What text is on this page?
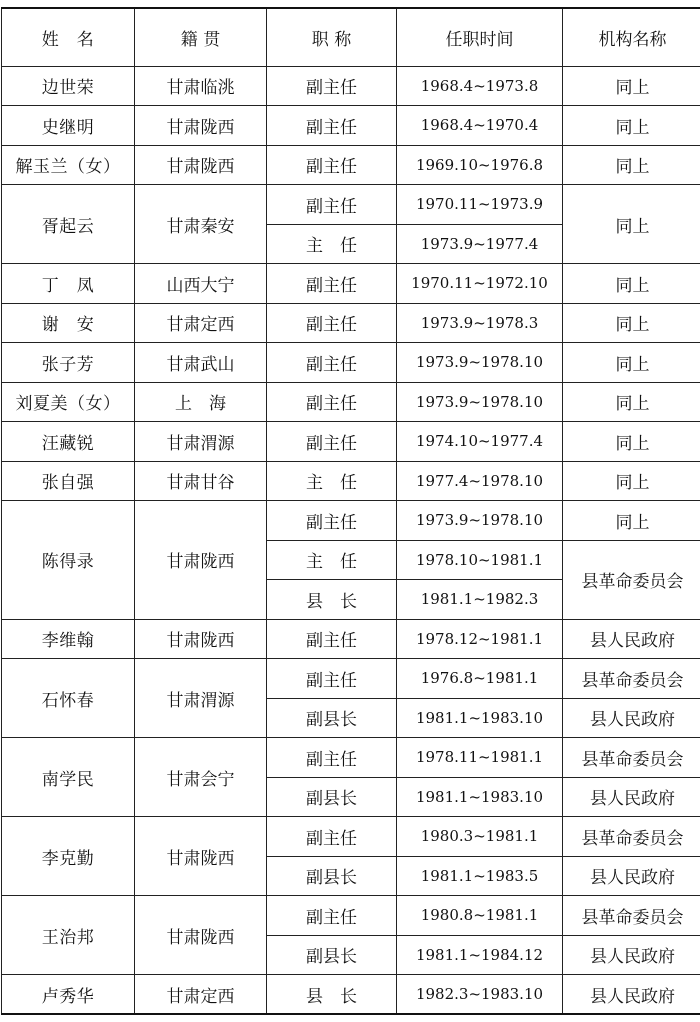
姓　名	籍 贯	职 称	任职时间	机构名称
边世荣	甘肃临洮	副主任	1968.4~1973.8	同上
史继明	甘肃陇西	副主任	1968.4~1970.4	同上
解玉兰（女）	甘肃陇西	副主任	1969.10~1976.8	同上
胥起云	甘肃秦安	副主任	1970.11~1973.9	同上
		主　任	1973.9~1977.4	
丁　凤	山西大宁	副主任	1970.11~1972.10	同上
谢　安	甘肃定西	副主任	1973.9~1978.3	同上
张子芳	甘肃武山	副主任	1973.9~1978.10	同上
刘夏美（女）	上　海	副主任	1973.9~1978.10	同上
汪藏锐	甘肃渭源	副主任	1974.10~1977.4	同上
张自强	甘肃甘谷	主　任	1977.4~1978.10	同上
陈得录	甘肃陇西	副主任	1973.9~1978.10	同上
		主　任	1978.10~1981.1	县革命委员会
		县　长	1981.1~1982.3	
李维翰	甘肃陇西	副主任	1978.12~1981.1	县人民政府
石怀春	甘肃渭源	副主任	1976.8~1981.1	县革命委员会
		副县长	1981.1~1983.10	县人民政府
南学民	甘肃会宁	副主任	1978.11~1981.1	县革命委员会
		副县长	1981.1~1983.10	县人民政府
李克勤	甘肃陇西	副主任	1980.3~1981.1	县革命委员会
		副县长	1981.1~1983.5	县人民政府
王治邦	甘肃陇西	副主任	1980.8~1981.1	县革命委员会
		副县长	1981.1~1984.12	县人民政府
卢秀华	甘肃定西	县　长	1982.3~1983.10	县人民政府
